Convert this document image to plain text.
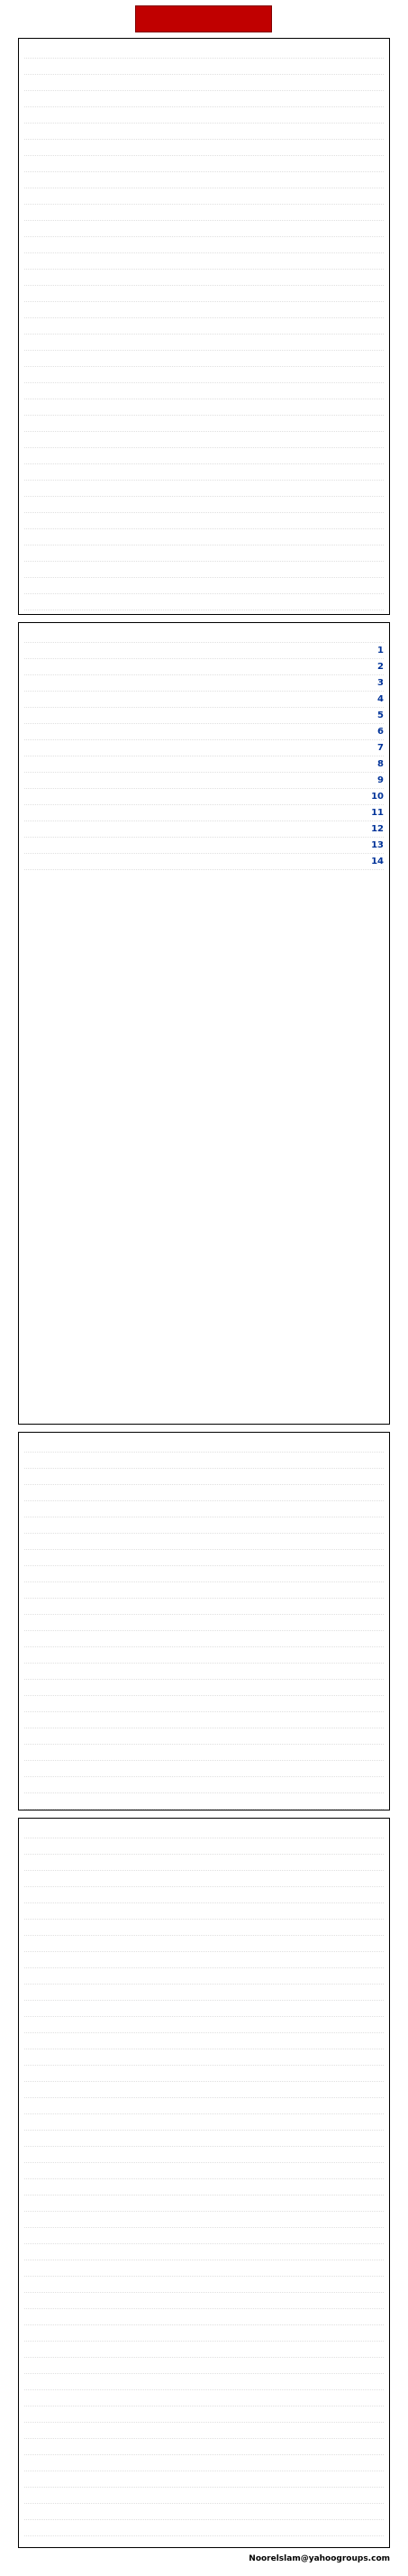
1
2
3
4
5
6
7
8
9
10
11
12
13
14
Noorelslam@yahoogroups.com
